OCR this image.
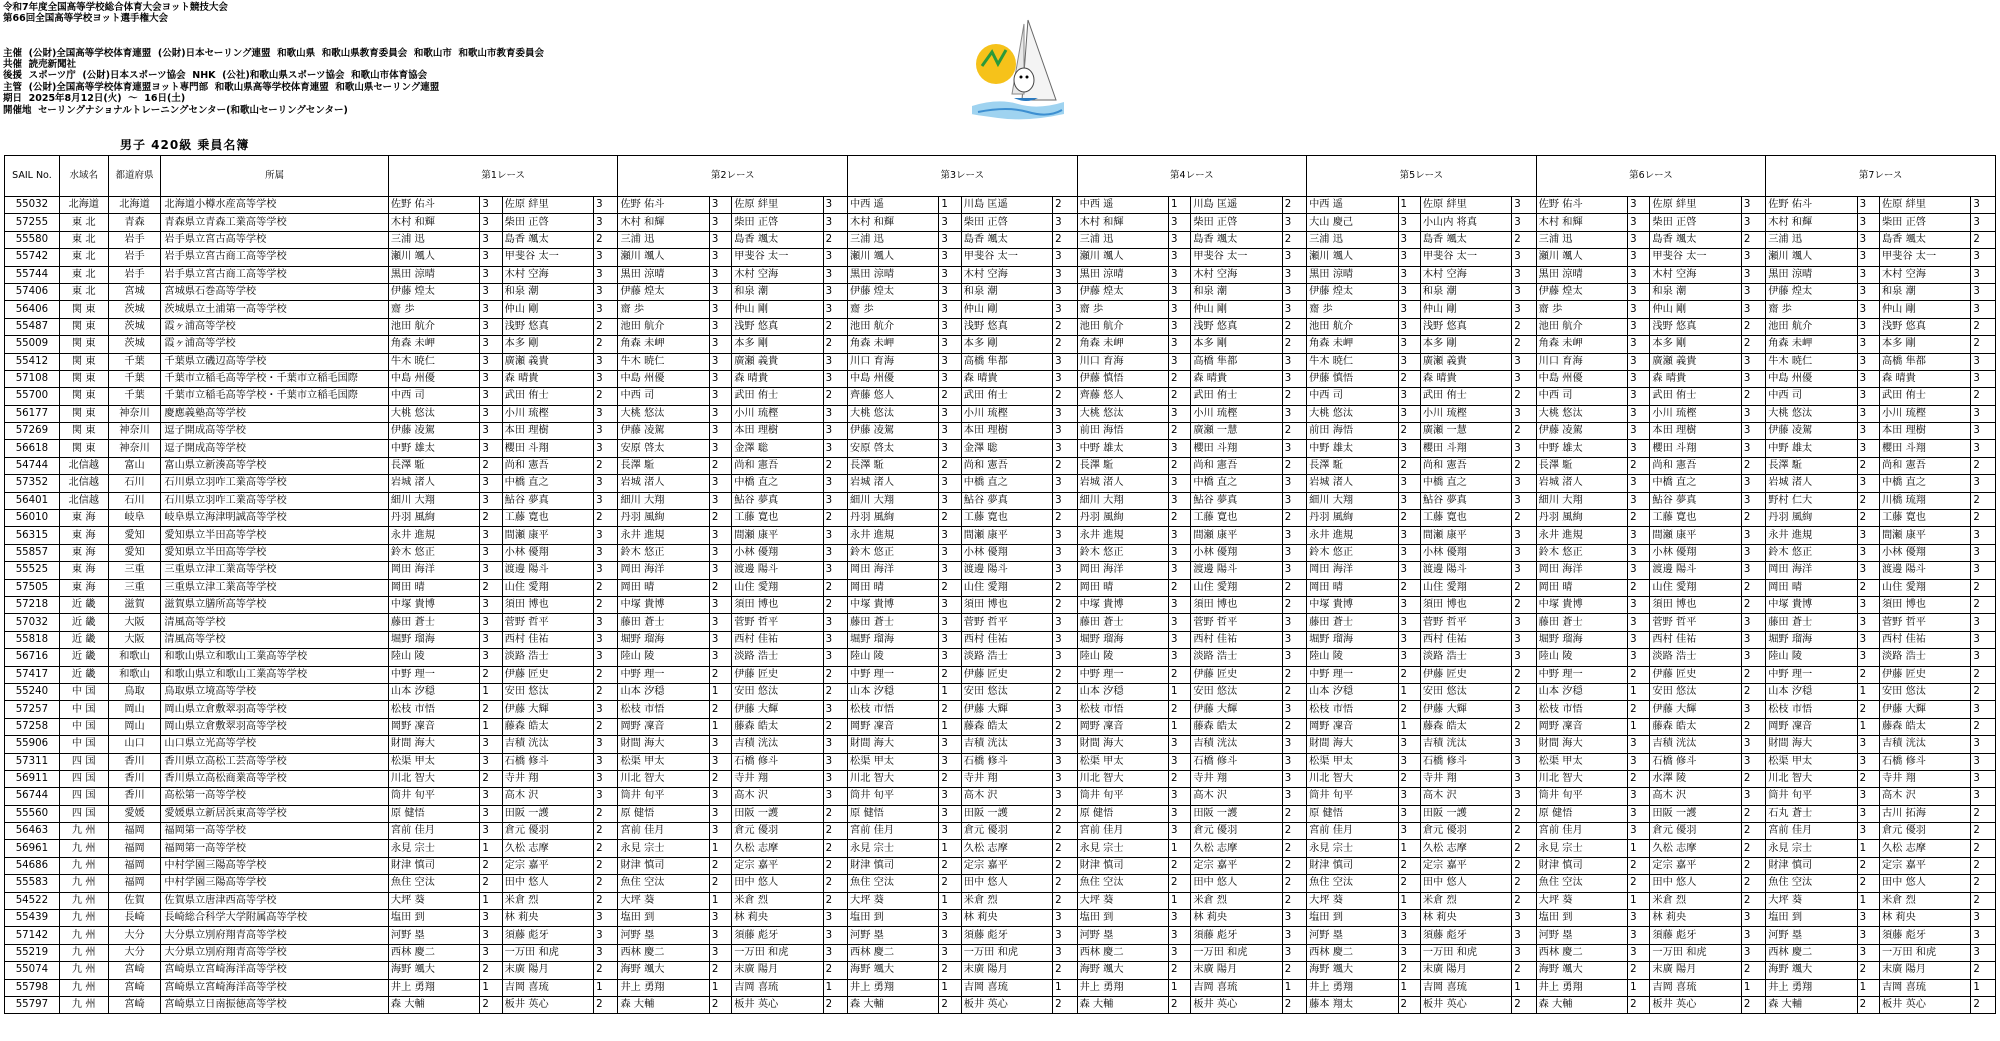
令和7年度全国高等学校総合体育大会ヨット競技大会
第66回全国高等学校ヨット選手権大会

主催  (公財)全国高等学校体育連盟  (公財)日本セーリング連盟  和歌山県  和歌山県教育委員会  和歌山市  和歌山市教育委員会
共催  読売新聞社
後援  スポーツ庁  (公財)日本スポーツ協会  NHK  (公社)和歌山県スポーツ協会  和歌山市体育協会
主管  (公財)全国高等学校体育連盟ヨット専門部  和歌山県高等学校体育連盟  和歌山県セーリング連盟
期日  2025年8月12日(火)  ～  16日(土)
開催地  セーリングナショナルトレーニングセンター(和歌山セーリングセンター)
男子 420級 乗員名簿
SAIL No.	水域名	都道府県	所属	第1レース				第2レース				第3レース				第4レース				第5レース				第6レース				第7レース			
55032	北海道	北海道	北海道小樽水産高等学校	佐野 佑斗	3	佐原 絆里	3	佐野 佑斗	3	佐原 絆里	3	中西 遥	1	川島 匡遥	2	中西 遥	1	川島 匡遥	2	中西 遥	1	佐原 絆里	3	佐野 佑斗	3	佐原 絆里	3	佐野 佑斗	3	佐原 絆里	3
57255	東 北	青森	青森県立青森工業高等学校	木村 和輝	3	柴田 正啓	3	木村 和輝	3	柴田 正啓	3	木村 和輝	3	柴田 正啓	3	木村 和輝	3	柴田 正啓	3	大山 慶己	3	小山内 将真	3	木村 和輝	3	柴田 正啓	3	木村 和輝	3	柴田 正啓	3
55580	東 北	岩手	岩手県立宮古高等学校	三浦 迅	3	島香 颯太	2	三浦 迅	3	島香 颯太	2	三浦 迅	3	島香 颯太	2	三浦 迅	3	島香 颯太	2	三浦 迅	3	島香 颯太	2	三浦 迅	3	島香 颯太	2	三浦 迅	3	島香 颯太	2
55742	東 北	岩手	岩手県立宮古商工高等学校	瀬川 颯人	3	甲斐谷 太一	3	瀬川 颯人	3	甲斐谷 太一	3	瀬川 颯人	3	甲斐谷 太一	3	瀬川 颯人	3	甲斐谷 太一	3	瀬川 颯人	3	甲斐谷 太一	3	瀬川 颯人	3	甲斐谷 太一	3	瀬川 颯人	3	甲斐谷 太一	3
55744	東 北	岩手	岩手県立宮古商工高等学校	黒田 涼晴	3	木村 空海	3	黒田 涼晴	3	木村 空海	3	黒田 涼晴	3	木村 空海	3	黒田 涼晴	3	木村 空海	3	黒田 涼晴	3	木村 空海	3	黒田 涼晴	3	木村 空海	3	黒田 涼晴	3	木村 空海	3
57406	東 北	宮城	宮城県石巻高等学校	伊藤 煌太	3	和泉 潮	3	伊藤 煌太	3	和泉 潮	3	伊藤 煌太	3	和泉 潮	3	伊藤 煌太	3	和泉 潮	3	伊藤 煌太	3	和泉 潮	3	伊藤 煌太	3	和泉 潮	3	伊藤 煌太	3	和泉 潮	3
56406	関 東	茨城	茨城県立土浦第一高等学校	齋 歩	3	仲山 剛	3	齋 歩	3	仲山 剛	3	齋 歩	3	仲山 剛	3	齋 歩	3	仲山 剛	3	齋 歩	3	仲山 剛	3	齋 歩	3	仲山 剛	3	齋 歩	3	仲山 剛	3
55487	関 東	茨城	霞ヶ浦高等学校	池田 航介	3	浅野 悠真	2	池田 航介	3	浅野 悠真	2	池田 航介	3	浅野 悠真	2	池田 航介	3	浅野 悠真	2	池田 航介	3	浅野 悠真	2	池田 航介	3	浅野 悠真	2	池田 航介	3	浅野 悠真	2
55009	関 東	茨城	霞ヶ浦高等学校	角森 未岬	3	本多 剛	2	角森 未岬	3	本多 剛	2	角森 未岬	3	本多 剛	2	角森 未岬	3	本多 剛	2	角森 未岬	3	本多 剛	2	角森 未岬	3	本多 剛	2	角森 未岬	3	本多 剛	2
55412	関 東	千葉	千葉県立磯辺高等学校	牛木 暁仁	3	廣瀬 義貴	3	牛木 暁仁	3	廣瀬 義貴	3	川口 育海	3	高橋 隼都	3	川口 育海	3	高橋 隼都	3	牛木 暁仁	3	廣瀬 義貴	3	川口 育海	3	廣瀬 義貴	3	牛木 暁仁	3	高橋 隼都	3
57108	関 東	千葉	千葉市立稲毛高等学校・千葉市立稲毛国際	中島 州優	3	森 晴貴	3	中島 州優	3	森 晴貴	3	中島 州優	3	森 晴貴	3	伊藤 慎悟	2	森 晴貴	3	伊藤 慎悟	2	森 晴貴	3	中島 州優	3	森 晴貴	3	中島 州優	3	森 晴貴	3
55700	関 東	千葉	千葉市立稲毛高等学校・千葉市立稲毛国際	中西 司	3	武田 侑士	2	中西 司	3	武田 侑士	2	齊藤 悠人	2	武田 侑士	2	齊藤 悠人	2	武田 侑士	2	中西 司	3	武田 侑士	2	中西 司	3	武田 侑士	2	中西 司	3	武田 侑士	2
56177	関 東	神奈川	慶應義塾高等学校	大桃 悠汰	3	小川 琉樫	3	大桃 悠汰	3	小川 琉樫	3	大桃 悠汰	3	小川 琉樫	3	大桃 悠汰	3	小川 琉樫	3	大桃 悠汰	3	小川 琉樫	3	大桃 悠汰	3	小川 琉樫	3	大桃 悠汰	3	小川 琉樫	3
57269	関 東	神奈川	逗子開成高等学校	伊藤 凌駕	3	本田 理樹	3	伊藤 凌駕	3	本田 理樹	3	伊藤 凌駕	3	本田 理樹	3	前田 海悟	2	廣瀬 一慧	2	前田 海悟	2	廣瀬 一慧	2	伊藤 凌駕	3	本田 理樹	3	伊藤 凌駕	3	本田 理樹	3
56618	関 東	神奈川	逗子開成高等学校	中野 雄太	3	櫻田 斗翔	3	安原 啓太	3	金澤 聡	3	安原 啓太	3	金澤 聡	3	中野 雄太	3	櫻田 斗翔	3	中野 雄太	3	櫻田 斗翔	3	中野 雄太	3	櫻田 斗翔	3	中野 雄太	3	櫻田 斗翔	3
54744	北信越	富山	富山県立新湊高等学校	長澤 駈	2	尚和 憲吾	2	長澤 駈	2	尚和 憲吾	2	長澤 駈	2	尚和 憲吾	2	長澤 駈	2	尚和 憲吾	2	長澤 駈	2	尚和 憲吾	2	長澤 駈	2	尚和 憲吾	2	長澤 駈	2	尚和 憲吾	2
57352	北信越	石川	石川県立羽咋工業高等学校	岩城 渚人	3	中橋 直之	3	岩城 渚人	3	中橋 直之	3	岩城 渚人	3	中橋 直之	3	岩城 渚人	3	中橋 直之	3	岩城 渚人	3	中橋 直之	3	岩城 渚人	3	中橋 直之	3	岩城 渚人	3	中橋 直之	3
56401	北信越	石川	石川県立羽咋工業高等学校	細川 大翔	3	鮎谷 夢真	3	細川 大翔	3	鮎谷 夢真	3	細川 大翔	3	鮎谷 夢真	3	細川 大翔	3	鮎谷 夢真	3	細川 大翔	3	鮎谷 夢真	3	細川 大翔	3	鮎谷 夢真	3	野村 仁大	2	川橋 琉翔	2
56010	東 海	岐阜	岐阜県立海津明誠高等学校	丹羽 風絢	2	工藤 寛也	2	丹羽 風絢	2	工藤 寛也	2	丹羽 風絢	2	工藤 寛也	2	丹羽 風絢	2	工藤 寛也	2	丹羽 風絢	2	工藤 寛也	2	丹羽 風絢	2	工藤 寛也	2	丹羽 風絢	2	工藤 寛也	2
56315	東 海	愛知	愛知県立半田高等学校	永井 進規	3	間瀬 康平	3	永井 進規	3	間瀬 康平	3	永井 進規	3	間瀬 康平	3	永井 進規	3	間瀬 康平	3	永井 進規	3	間瀬 康平	3	永井 進規	3	間瀬 康平	3	永井 進規	3	間瀬 康平	3
55857	東 海	愛知	愛知県立半田高等学校	鈴木 悠正	3	小林 優翔	3	鈴木 悠正	3	小林 優翔	3	鈴木 悠正	3	小林 優翔	3	鈴木 悠正	3	小林 優翔	3	鈴木 悠正	3	小林 優翔	3	鈴木 悠正	3	小林 優翔	3	鈴木 悠正	3	小林 優翔	3
55525	東 海	三重	三重県立津工業高等学校	岡田 海洋	3	渡邊 陽斗	3	岡田 海洋	3	渡邊 陽斗	3	岡田 海洋	3	渡邊 陽斗	3	岡田 海洋	3	渡邊 陽斗	3	岡田 海洋	3	渡邊 陽斗	3	岡田 海洋	3	渡邊 陽斗	3	岡田 海洋	3	渡邊 陽斗	3
57505	東 海	三重	三重県立津工業高等学校	岡田 晴	2	山住 愛翔	2	岡田 晴	2	山住 愛翔	2	岡田 晴	2	山住 愛翔	2	岡田 晴	2	山住 愛翔	2	岡田 晴	2	山住 愛翔	2	岡田 晴	2	山住 愛翔	2	岡田 晴	2	山住 愛翔	2
57218	近 畿	滋賀	滋賀県立膳所高等学校	中塚 貴博	3	須田 博也	2	中塚 貴博	3	須田 博也	2	中塚 貴博	3	須田 博也	2	中塚 貴博	3	須田 博也	2	中塚 貴博	3	須田 博也	2	中塚 貴博	3	須田 博也	2	中塚 貴博	3	須田 博也	2
57032	近 畿	大阪	清風高等学校	藤田 蒼士	3	菅野 哲平	3	藤田 蒼士	3	菅野 哲平	3	藤田 蒼士	3	菅野 哲平	3	藤田 蒼士	3	菅野 哲平	3	藤田 蒼士	3	菅野 哲平	3	藤田 蒼士	3	菅野 哲平	3	藤田 蒼士	3	菅野 哲平	3
55818	近 畿	大阪	清風高等学校	堀野 瑠海	3	西村 佳祐	3	堀野 瑠海	3	西村 佳祐	3	堀野 瑠海	3	西村 佳祐	3	堀野 瑠海	3	西村 佳祐	3	堀野 瑠海	3	西村 佳祐	3	堀野 瑠海	3	西村 佳祐	3	堀野 瑠海	3	西村 佳祐	3
56716	近 畿	和歌山	和歌山県立和歌山工業高等学校	陸山 陵	3	淡路 浩士	3	陸山 陵	3	淡路 浩士	3	陸山 陵	3	淡路 浩士	3	陸山 陵	3	淡路 浩士	3	陸山 陵	3	淡路 浩士	3	陸山 陵	3	淡路 浩士	3	陸山 陵	3	淡路 浩士	3
57417	近 畿	和歌山	和歌山県立和歌山工業高等学校	中野 理一	2	伊藤 匠史	2	中野 理一	2	伊藤 匠史	2	中野 理一	2	伊藤 匠史	2	中野 理一	2	伊藤 匠史	2	中野 理一	2	伊藤 匠史	2	中野 理一	2	伊藤 匠史	2	中野 理一	2	伊藤 匠史	2
55240	中 国	鳥取	鳥取県立境高等学校	山本 汐穏	1	安田 悠汰	2	山本 汐穏	1	安田 悠汰	2	山本 汐穏	1	安田 悠汰	2	山本 汐穏	1	安田 悠汰	2	山本 汐穏	1	安田 悠汰	2	山本 汐穏	1	安田 悠汰	2	山本 汐穏	1	安田 悠汰	2
57257	中 国	岡山	岡山県立倉敷翠羽高等学校	松枝 市悟	2	伊藤 大輝	3	松枝 市悟	2	伊藤 大輝	3	松枝 市悟	2	伊藤 大輝	3	松枝 市悟	2	伊藤 大輝	3	松枝 市悟	2	伊藤 大輝	3	松枝 市悟	2	伊藤 大輝	3	松枝 市悟	2	伊藤 大輝	3
57258	中 国	岡山	岡山県立倉敷翠羽高等学校	岡野 凜音	1	藤森 皓太	2	岡野 凜音	1	藤森 皓太	2	岡野 凜音	1	藤森 皓太	2	岡野 凜音	1	藤森 皓太	2	岡野 凜音	1	藤森 皓太	2	岡野 凜音	1	藤森 皓太	2	岡野 凜音	1	藤森 皓太	2
55906	中 国	山口	山口県立光高等学校	財間 海大	3	吉積 洸汰	3	財間 海大	3	吉積 洸汰	3	財間 海大	3	吉積 洸汰	3	財間 海大	3	吉積 洸汰	3	財間 海大	3	吉積 洸汰	3	財間 海大	3	吉積 洸汰	3	財間 海大	3	吉積 洸汰	3
57311	四 国	香川	香川県立高松工芸高等学校	松渠 甲太	3	石橋 修斗	3	松渠 甲太	3	石橋 修斗	3	松渠 甲太	3	石橋 修斗	3	松渠 甲太	3	石橋 修斗	3	松渠 甲太	3	石橋 修斗	3	松渠 甲太	3	石橋 修斗	3	松渠 甲太	3	石橋 修斗	3
56911	四 国	香川	香川県立高松商業高等学校	川北 智大	2	寺井 翔	3	川北 智大	2	寺井 翔	3	川北 智大	2	寺井 翔	3	川北 智大	2	寺井 翔	3	川北 智大	2	寺井 翔	3	川北 智大	2	水澤 陵	2	川北 智大	2	寺井 翔	3
56744	四 国	香川	高松第一高等学校	筒井 旬平	3	高木 沢	3	筒井 旬平	3	高木 沢	3	筒井 旬平	3	高木 沢	3	筒井 旬平	3	高木 沢	3	筒井 旬平	3	高木 沢	3	筒井 旬平	3	高木 沢	3	筒井 旬平	3	高木 沢	3
55560	四 国	愛媛	愛媛県立新居浜東高等学校	原 健悟	3	田阪 一護	2	原 健悟	3	田阪 一護	2	原 健悟	3	田阪 一護	2	原 健悟	3	田阪 一護	2	原 健悟	3	田阪 一護	2	原 健悟	3	田阪 一護	2	石丸 蒼士	3	古川 拓海	2
56463	九 州	福岡	福岡第一高等学校	宮前 佳月	3	倉元 優羽	2	宮前 佳月	3	倉元 優羽	2	宮前 佳月	3	倉元 優羽	2	宮前 佳月	3	倉元 優羽	2	宮前 佳月	3	倉元 優羽	2	宮前 佳月	3	倉元 優羽	2	宮前 佳月	3	倉元 優羽	2
56961	九 州	福岡	福岡第一高等学校	永見 宗士	1	久松 志摩	2	永見 宗士	1	久松 志摩	2	永見 宗士	1	久松 志摩	2	永見 宗士	1	久松 志摩	2	永見 宗士	1	久松 志摩	2	永見 宗士	1	久松 志摩	2	永見 宗士	1	久松 志摩	2
54686	九 州	福岡	中村学園三陽高等学校	財津 慎司	2	定宗 嘉平	2	財津 慎司	2	定宗 嘉平	2	財津 慎司	2	定宗 嘉平	2	財津 慎司	2	定宗 嘉平	2	財津 慎司	2	定宗 嘉平	2	財津 慎司	2	定宗 嘉平	2	財津 慎司	2	定宗 嘉平	2
55583	九 州	福岡	中村学園三陽高等学校	魚住 空汰	2	田中 悠人	2	魚住 空汰	2	田中 悠人	2	魚住 空汰	2	田中 悠人	2	魚住 空汰	2	田中 悠人	2	魚住 空汰	2	田中 悠人	2	魚住 空汰	2	田中 悠人	2	魚住 空汰	2	田中 悠人	2
54522	九 州	佐賀	佐賀県立唐津西高等学校	大坪 葵	1	米倉 烈	2	大坪 葵	1	米倉 烈	2	大坪 葵	1	米倉 烈	2	大坪 葵	1	米倉 烈	2	大坪 葵	1	米倉 烈	2	大坪 葵	1	米倉 烈	2	大坪 葵	1	米倉 烈	2
55439	九 州	長崎	長崎総合科学大学附属高等学校	塩田 到	3	林 莉央	3	塩田 到	3	林 莉央	3	塩田 到	3	林 莉央	3	塩田 到	3	林 莉央	3	塩田 到	3	林 莉央	3	塩田 到	3	林 莉央	3	塩田 到	3	林 莉央	3
57142	九 州	大分	大分県立別府翔青高等学校	河野 塁	3	須藤 彪牙	3	河野 塁	3	須藤 彪牙	3	河野 塁	3	須藤 彪牙	3	河野 塁	3	須藤 彪牙	3	河野 塁	3	須藤 彪牙	3	河野 塁	3	須藤 彪牙	3	河野 塁	3	須藤 彪牙	3
55219	九 州	大分	大分県立別府翔青高等学校	西林 慶二	3	一万田 和虎	3	西林 慶二	3	一万田 和虎	3	西林 慶二	3	一万田 和虎	3	西林 慶二	3	一万田 和虎	3	西林 慶二	3	一万田 和虎	3	西林 慶二	3	一万田 和虎	3	西林 慶二	3	一万田 和虎	3
55074	九 州	宮崎	宮崎県立宮崎海洋高等学校	海野 颯大	2	末廣 陽月	2	海野 颯大	2	末廣 陽月	2	海野 颯大	2	末廣 陽月	2	海野 颯大	2	末廣 陽月	2	海野 颯大	2	末廣 陽月	2	海野 颯大	2	末廣 陽月	2	海野 颯大	2	末廣 陽月	2
55798	九 州	宮崎	宮崎県立宮崎海洋高等学校	井上 勇翔	1	吉岡 喜琉	1	井上 勇翔	1	吉岡 喜琉	1	井上 勇翔	1	吉岡 喜琉	1	井上 勇翔	1	吉岡 喜琉	1	井上 勇翔	1	吉岡 喜琉	1	井上 勇翔	1	吉岡 喜琉	1	井上 勇翔	1	吉岡 喜琉	1
55797	九 州	宮崎	宮崎県立日南振徳高等学校	森 大輔	2	板井 英心	2	森 大輔	2	板井 英心	2	森 大輔	2	板井 英心	2	森 大輔	2	板井 英心	2	藤本 翔太	2	板井 英心	2	森 大輔	2	板井 英心	2	森 大輔	2	板井 英心	2
